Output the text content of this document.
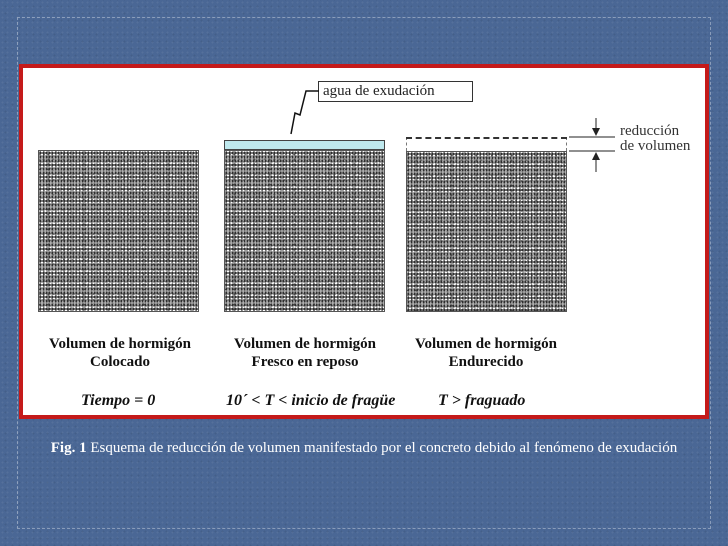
agua de exudación
reducción
de volumen
Volumen de hormigón
Colocado
Volumen de hormigón
Fresco en reposo
Volumen de hormigón
Endurecido
Tiempo = 0	10´ < T < inicio de fragüe	T > fraguado
Fig. 1 Esquema de reducción de volumen manifestado por el concreto debido al fenómeno de exudación
